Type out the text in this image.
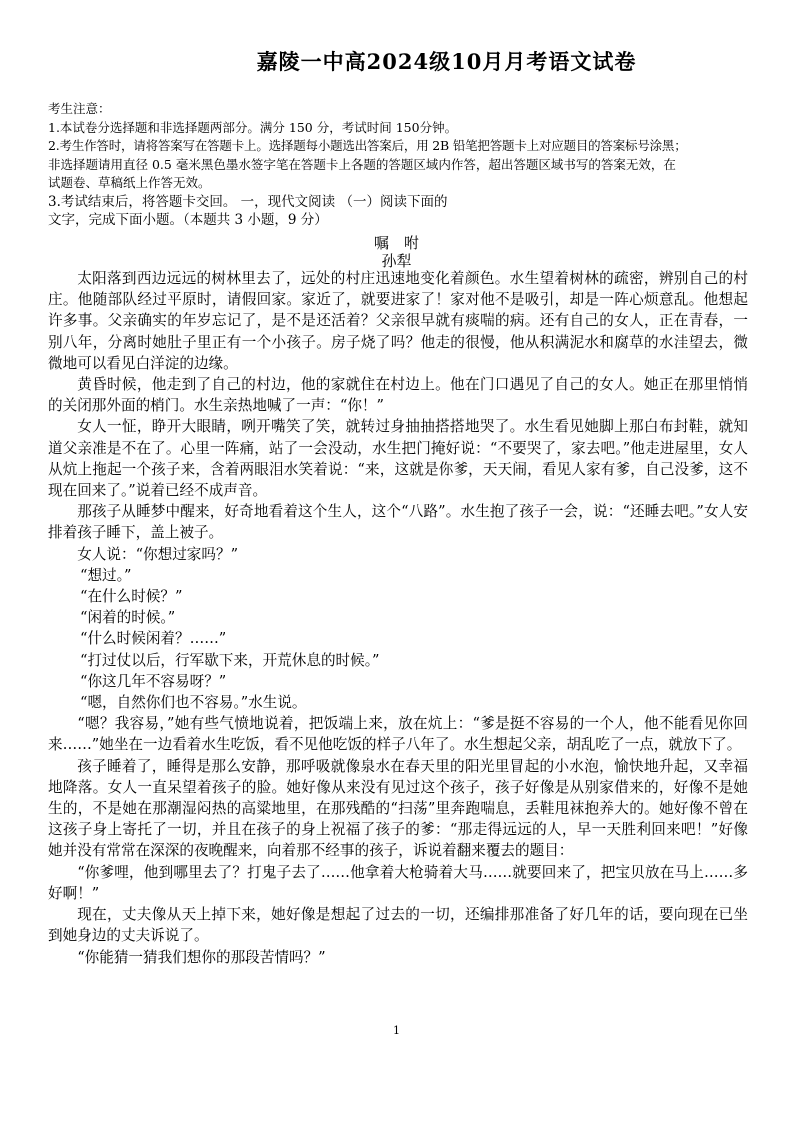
嘉陵一中高2024级10月月考语文试卷
考生注意：
1.本试卷分选择题和非选择题两部分。满分 150 分，考试时间 150分钟。
2.考生作答时，请将答案写在答题卡上。选择题每小题选出答案后，用 2B 铅笔把答题卡上对应题目的答案标号涂黑；
非选择题请用直径 0.5 毫米黑色墨水签字笔在答题卡上各题的答题区域内作答，超出答题区域书写的答案无效，在
试题卷、草稿纸上作答无效。
3.考试结束后，将答题卡交回。 一，现代文阅读 （一）阅读下面的
文字，完成下面小题。（本题共 3 小题，9 分）
嘱　咐
孙犁

太阳落到西边远远的树林里去了，远处的村庄迅速地变化着颜色。水生望着树林的疏密，辨别自己的村庄。他随部队经过平原时，请假回家。家近了，就要进家了！家对他不是吸引，却是一阵心烦意乱。他想起许多事。父亲确实的年岁忘记了，是不是还活着？父亲很早就有痰喘的病。还有自己的女人，正在青春，一别八年，分离时她肚子里正有一个小孩子。房子烧了吗？他走的很慢，他从积满泥水和腐草的水洼望去，微微地可以看见白洋淀的边缘。

黄昏时候，他走到了自己的村边，他的家就住在村边上。他在门口遇见了自己的女人。她正在那里悄悄的关闭那外面的梢门。水生亲热地喊了一声：“你！”

女人一怔，睁开大眼睛，咧开嘴笑了笑，就转过身抽抽搭搭地哭了。水生看见她脚上那白布封鞋，就知道父亲准是不在了。心里一阵痛，站了一会没动，水生把门掩好说：“不要哭了，家去吧。”他走进屋里，女人从炕上拖起一个孩子来，含着两眼泪水笑着说：“来，这就是你爹，天天闹，看见人家有爹，自己没爹，这不现在回来了。”说着已经不成声音。

那孩子从睡梦中醒来，好奇地看着这个生人，这个“八路”。水生抱了孩子一会，说：“还睡去吧。”女人安排着孩子睡下，盖上被子。

女人说：“你想过家吗？”

“想过。”

“在什么时候？”

“闲着的时候。”

“什么时候闲着？……”

“打过仗以后，行军歇下来，开荒休息的时候。”

“你这几年不容易呀？”

“嗯，自然你们也不容易。”水生说。

“嗯？我容易，”她有些气愤地说着，把饭端上来，放在炕上：“爹是挺不容易的一个人，他不能看见你回来……”她坐在一边看着水生吃饭，看不见他吃饭的样子八年了。水生想起父亲，胡乱吃了一点，就放下了。

孩子睡着了，睡得是那么安静，那呼吸就像泉水在春天里的阳光里冒起的小水泡，愉快地升起，又幸福地降落。女人一直呆望着孩子的脸。她好像从来没有见过这个孩子，孩子好像是从别家借来的，好像不是她生的，不是她在那潮湿闷热的高粱地里，在那残酷的“扫荡”里奔跑喘息，丢鞋甩袜抱养大的。她好像不曾在这孩子身上寄托了一切，并且在孩子的身上祝福了孩子的爹：“那走得远远的人，早一天胜利回来吧！”好像她并没有常常在深深的夜晚醒来，向着那不经事的孩子，诉说着翻来覆去的题目：

“你爹哩，他到哪里去了？打鬼子去了……他拿着大枪骑着大马……就要回来了，把宝贝放在马上……多好啊！”

现在，丈夫像从天上掉下来，她好像是想起了过去的一切，还编排那准备了好几年的话，要向现在已坐到她身边的丈夫诉说了。

“你能猜一猜我们想你的那段苦情吗？”

1
